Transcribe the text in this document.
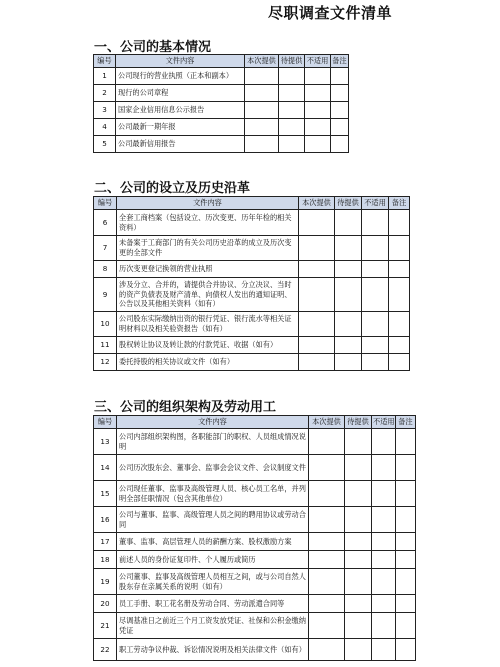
尽职调查文件清单
一、公司的基本情况
编号	文件内容	本次提供	待提供	不适用	备注
1	公司现行的营业执照（正本和副本）				
2	现行的公司章程				
3	国家企业信用信息公示报告				
4	公司最新一期年报				
5	公司最新信用报告				
二、公司的设立及历史沿革
编号	文件内容	本次提供	待提供	不适用	备注
6	全套工商档案（包括设立、历次变更、历年年检的相关资料）				
7	未备案于工商部门的有关公司历史沿革的成立及历次变更的全部文件				
8	历次变更登记换领的营业执照				
9	涉及分立、合并的，请提供合并协议、分立决议、当时的资产负债表及财产清单、向债权人发出的通知证明、公告以及其他相关资料（如有）				
10	公司股东实际缴纳出资的银行凭证、银行流水等相关证明材料以及相关验资报告（如有）				
11	股权转让协议及转让款的付款凭证、收据（如有）				
12	委托持股的相关协议或文件（如有）				
三、公司的组织架构及劳动用工
编号	文件内容	本次提供	待提供	不适用	备注
13	公司内部组织架构图，各职能部门的职权、人员组成情况说明				
14	公司历次股东会、董事会、监事会会议文件、会议制度文件				
15	公司现任董事、监事及高级管理人员、核心员工名单，并列明全部任职情况（包含其他单位）				
16	公司与董事、监事、高级管理人员之间的聘用协议或劳动合同				
17	董事、监事、高层管理人员的薪酬方案、股权激励方案				
18	前述人员的身份证复印件、个人履历或简历				
19	公司董事、监事及高级管理人员相互之间，或与公司自然人股东存在亲属关系的说明（如有）				
20	员工手册、职工花名册及劳动合同、劳动派遣合同等				
21	尽调基准日之前近三个月工资发放凭证、社保和公积金缴纳凭证				
22	职工劳动争议仲裁、诉讼情况说明及相关法律文件（如有）				
